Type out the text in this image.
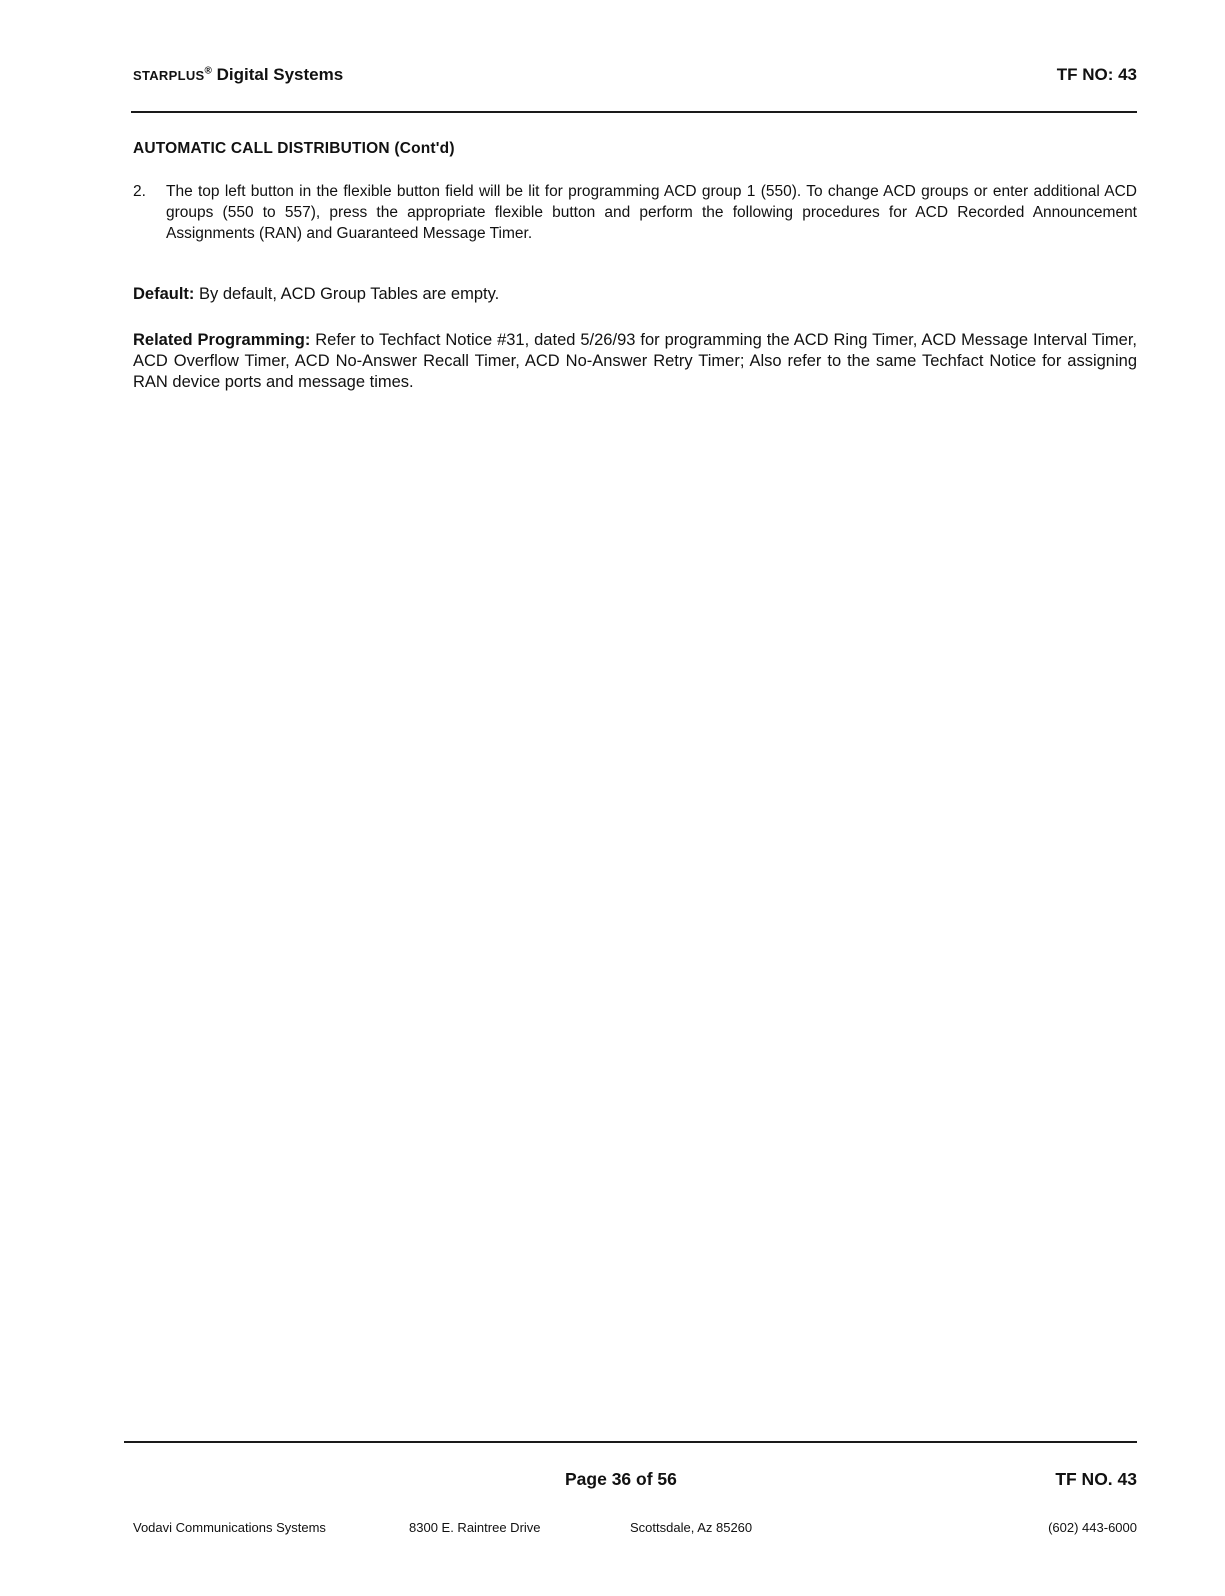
STARPLUS® Digital Systems	TF NO: 43
AUTOMATIC CALL DISTRIBUTION (Cont'd)
2. The top left button in the flexible button field will be lit for programming ACD group 1 (550). To change ACD groups or enter additional ACD groups (550 to 557), press the appropriate flexible button and perform the following procedures for ACD Recorded Announcement Assignments (RAN) and Guaranteed Message Timer.
Default: By default, ACD Group Tables are empty.
Related Programming: Refer to Techfact Notice #31, dated 5/26/93 for programming the ACD Ring Timer, ACD Message Interval Timer, ACD Overflow Timer, ACD No-Answer Recall Timer, ACD No-Answer Retry Timer; Also refer to the same Techfact Notice for assigning RAN device ports and message times.
Page 36 of 56	TF NO. 43
Vodavi Communications Systems	8300 E. Raintree Drive	Scottsdale, Az 85260	(602) 443-6000
